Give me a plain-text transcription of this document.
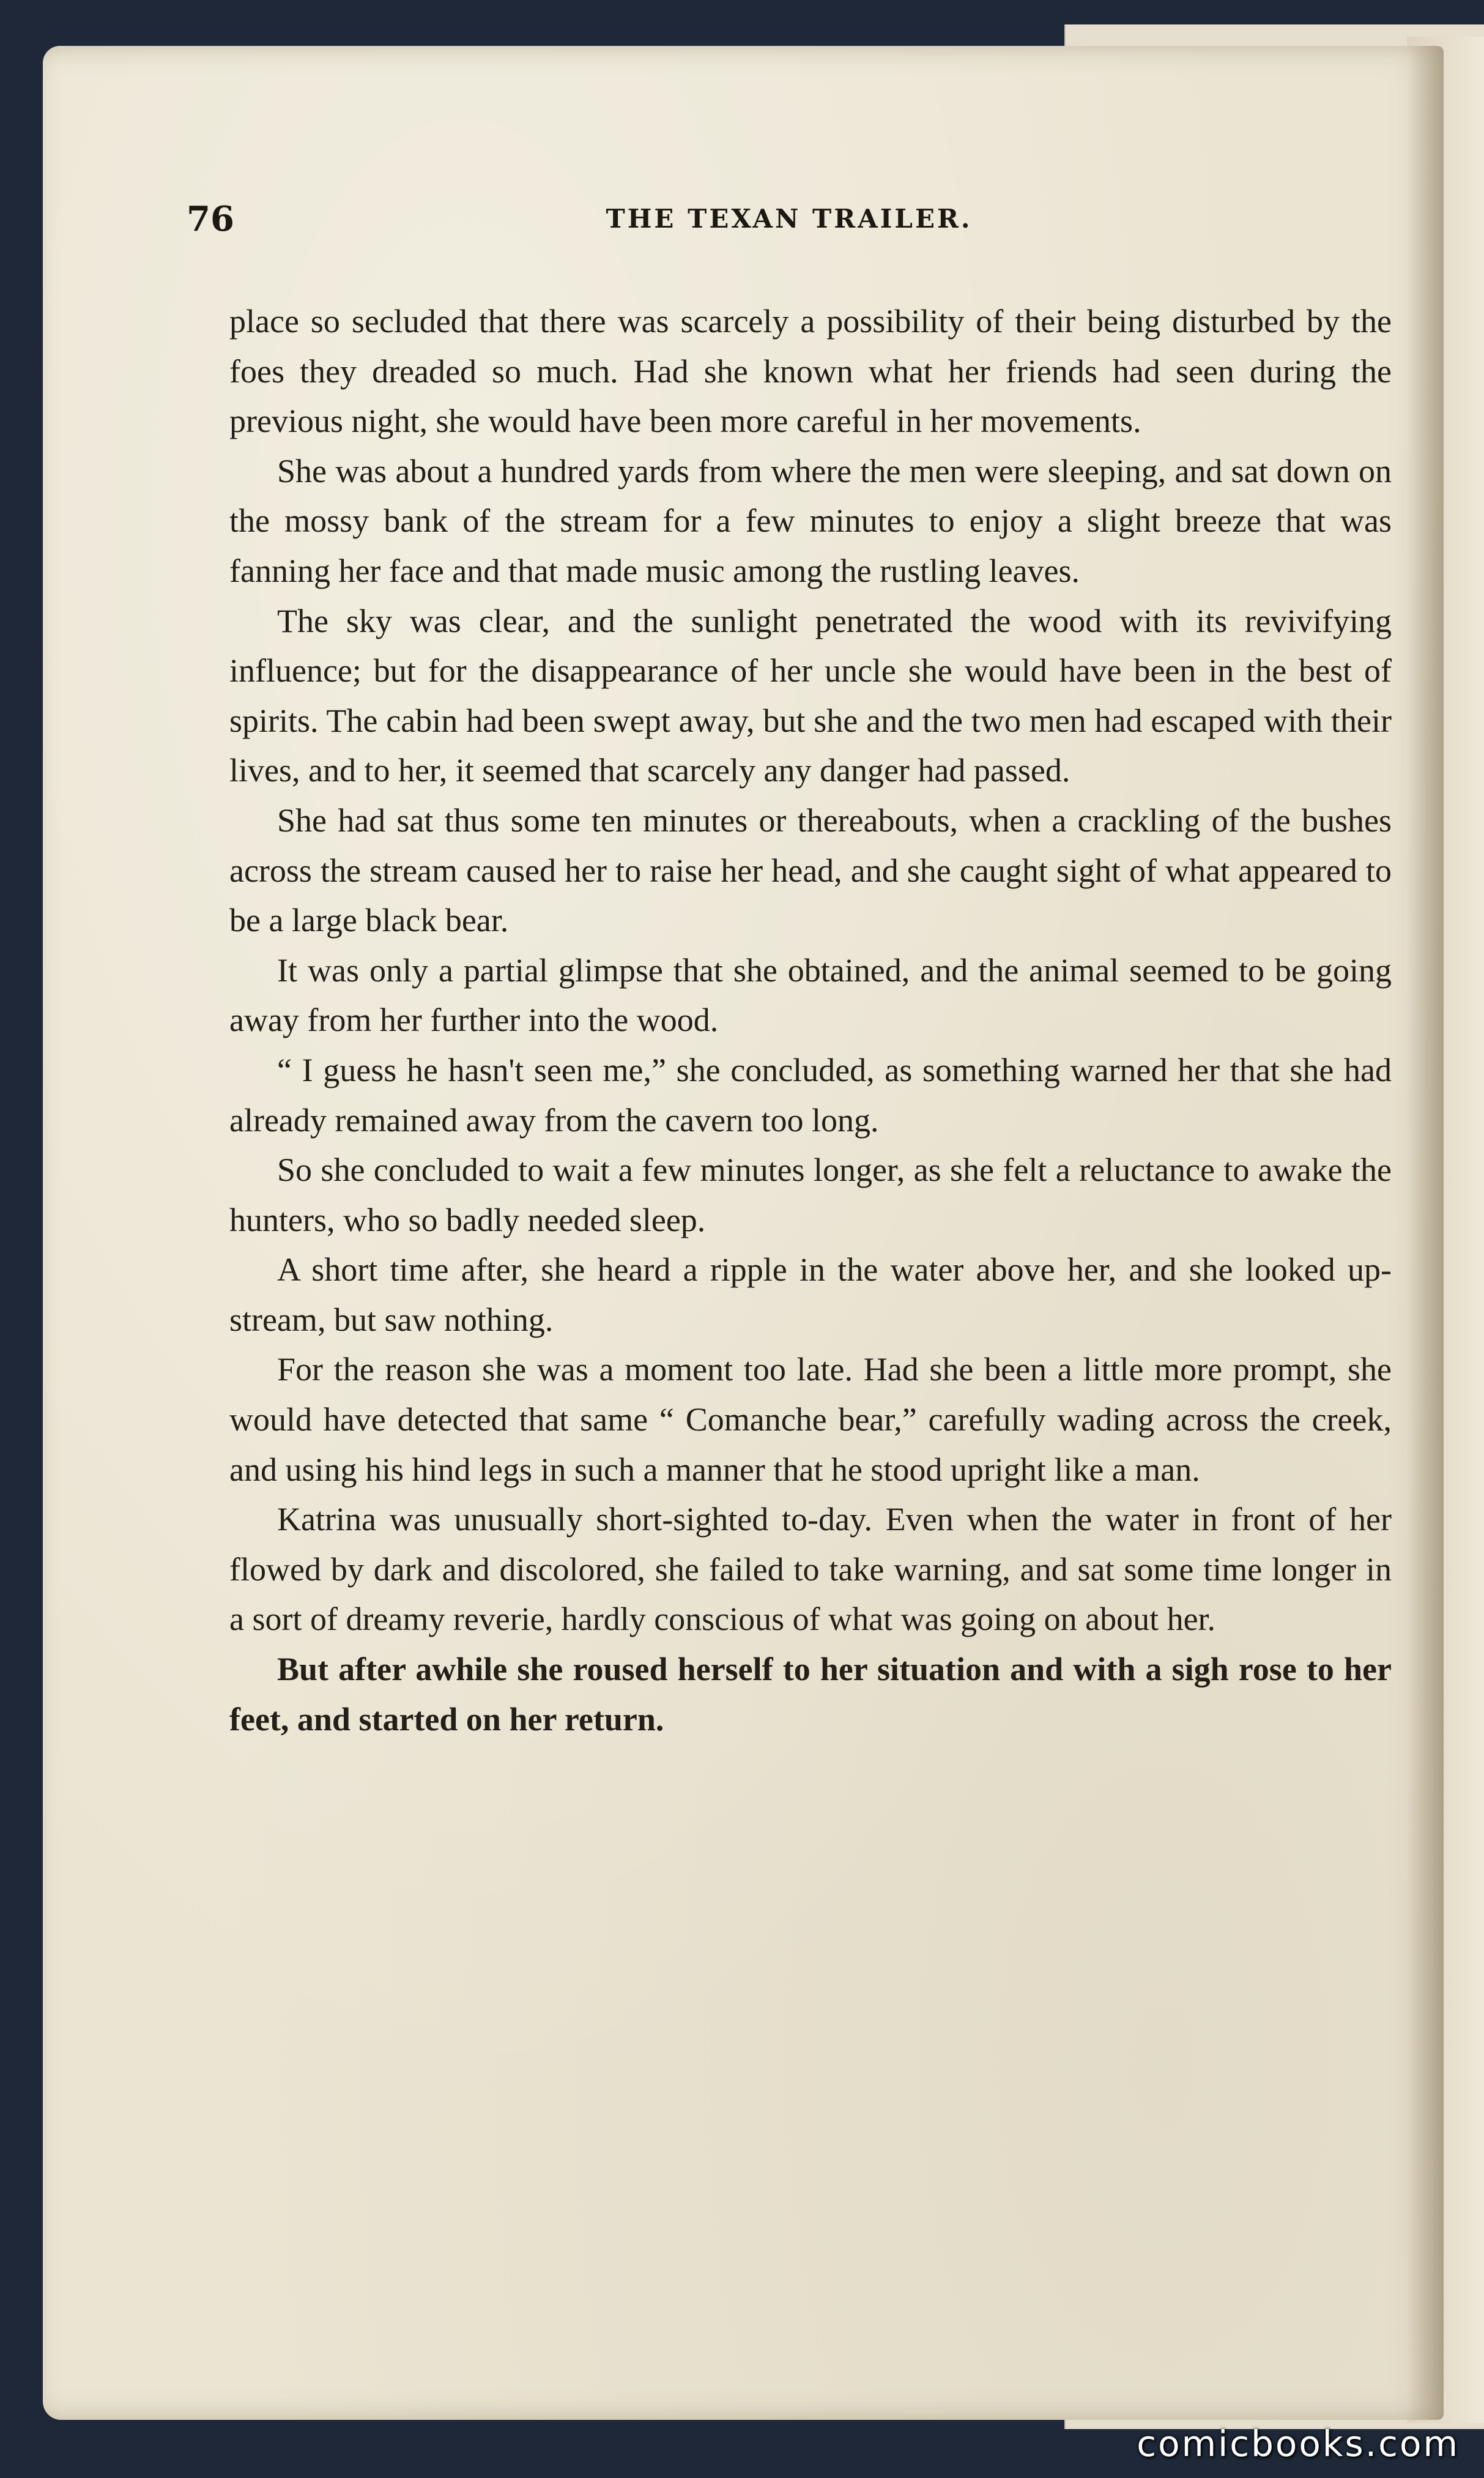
76	THE TEXAN TRAILER.

place so secluded that there was scarcely a possibility of their being disturbed by the foes they dreaded so much. Had she known what her friends had seen during the previous night, she would have been more careful in her movements.

She was about a hundred yards from where the men were sleeping, and sat down on the mossy bank of the stream for a few minutes to enjoy a slight breeze that was fanning her face and that made music among the rustling leaves.

The sky was clear, and the sunlight penetrated the wood with its revivifying influence; but for the disappearance of her uncle she would have been in the best of spirits. The cabin had been swept away, but she and the two men had escaped with their lives, and to her, it seemed that scarcely any danger had passed.

She had sat thus some ten minutes or thereabouts, when a crackling of the bushes across the stream caused her to raise her head, and she caught sight of what appeared to be a large black bear.

It was only a partial glimpse that she obtained, and the animal seemed to be going away from her further into the wood.

“ I guess he hasn't seen me,” she concluded, as something warned her that she had already remained away from the cavern too long.

So she concluded to wait a few minutes longer, as she felt a reluctance to awake the hunters, who so badly needed sleep.

A short time after, she heard a ripple in the water above her, and she looked up-stream, but saw nothing.

For the reason she was a moment too late. Had she been a little more prompt, she would have detected that same “ Comanche bear,” carefully wading across the creek, and using his hind legs in such a manner that he stood upright like a man.

Katrina was unusually short-sighted to-day. Even when the water in front of her flowed by dark and discolored, she failed to take warning, and sat some time longer in a sort of dreamy reverie, hardly conscious of what was going on about her.

But after awhile she roused herself to her situation and with a sigh rose to her feet, and started on her return.

comicbooks.com
